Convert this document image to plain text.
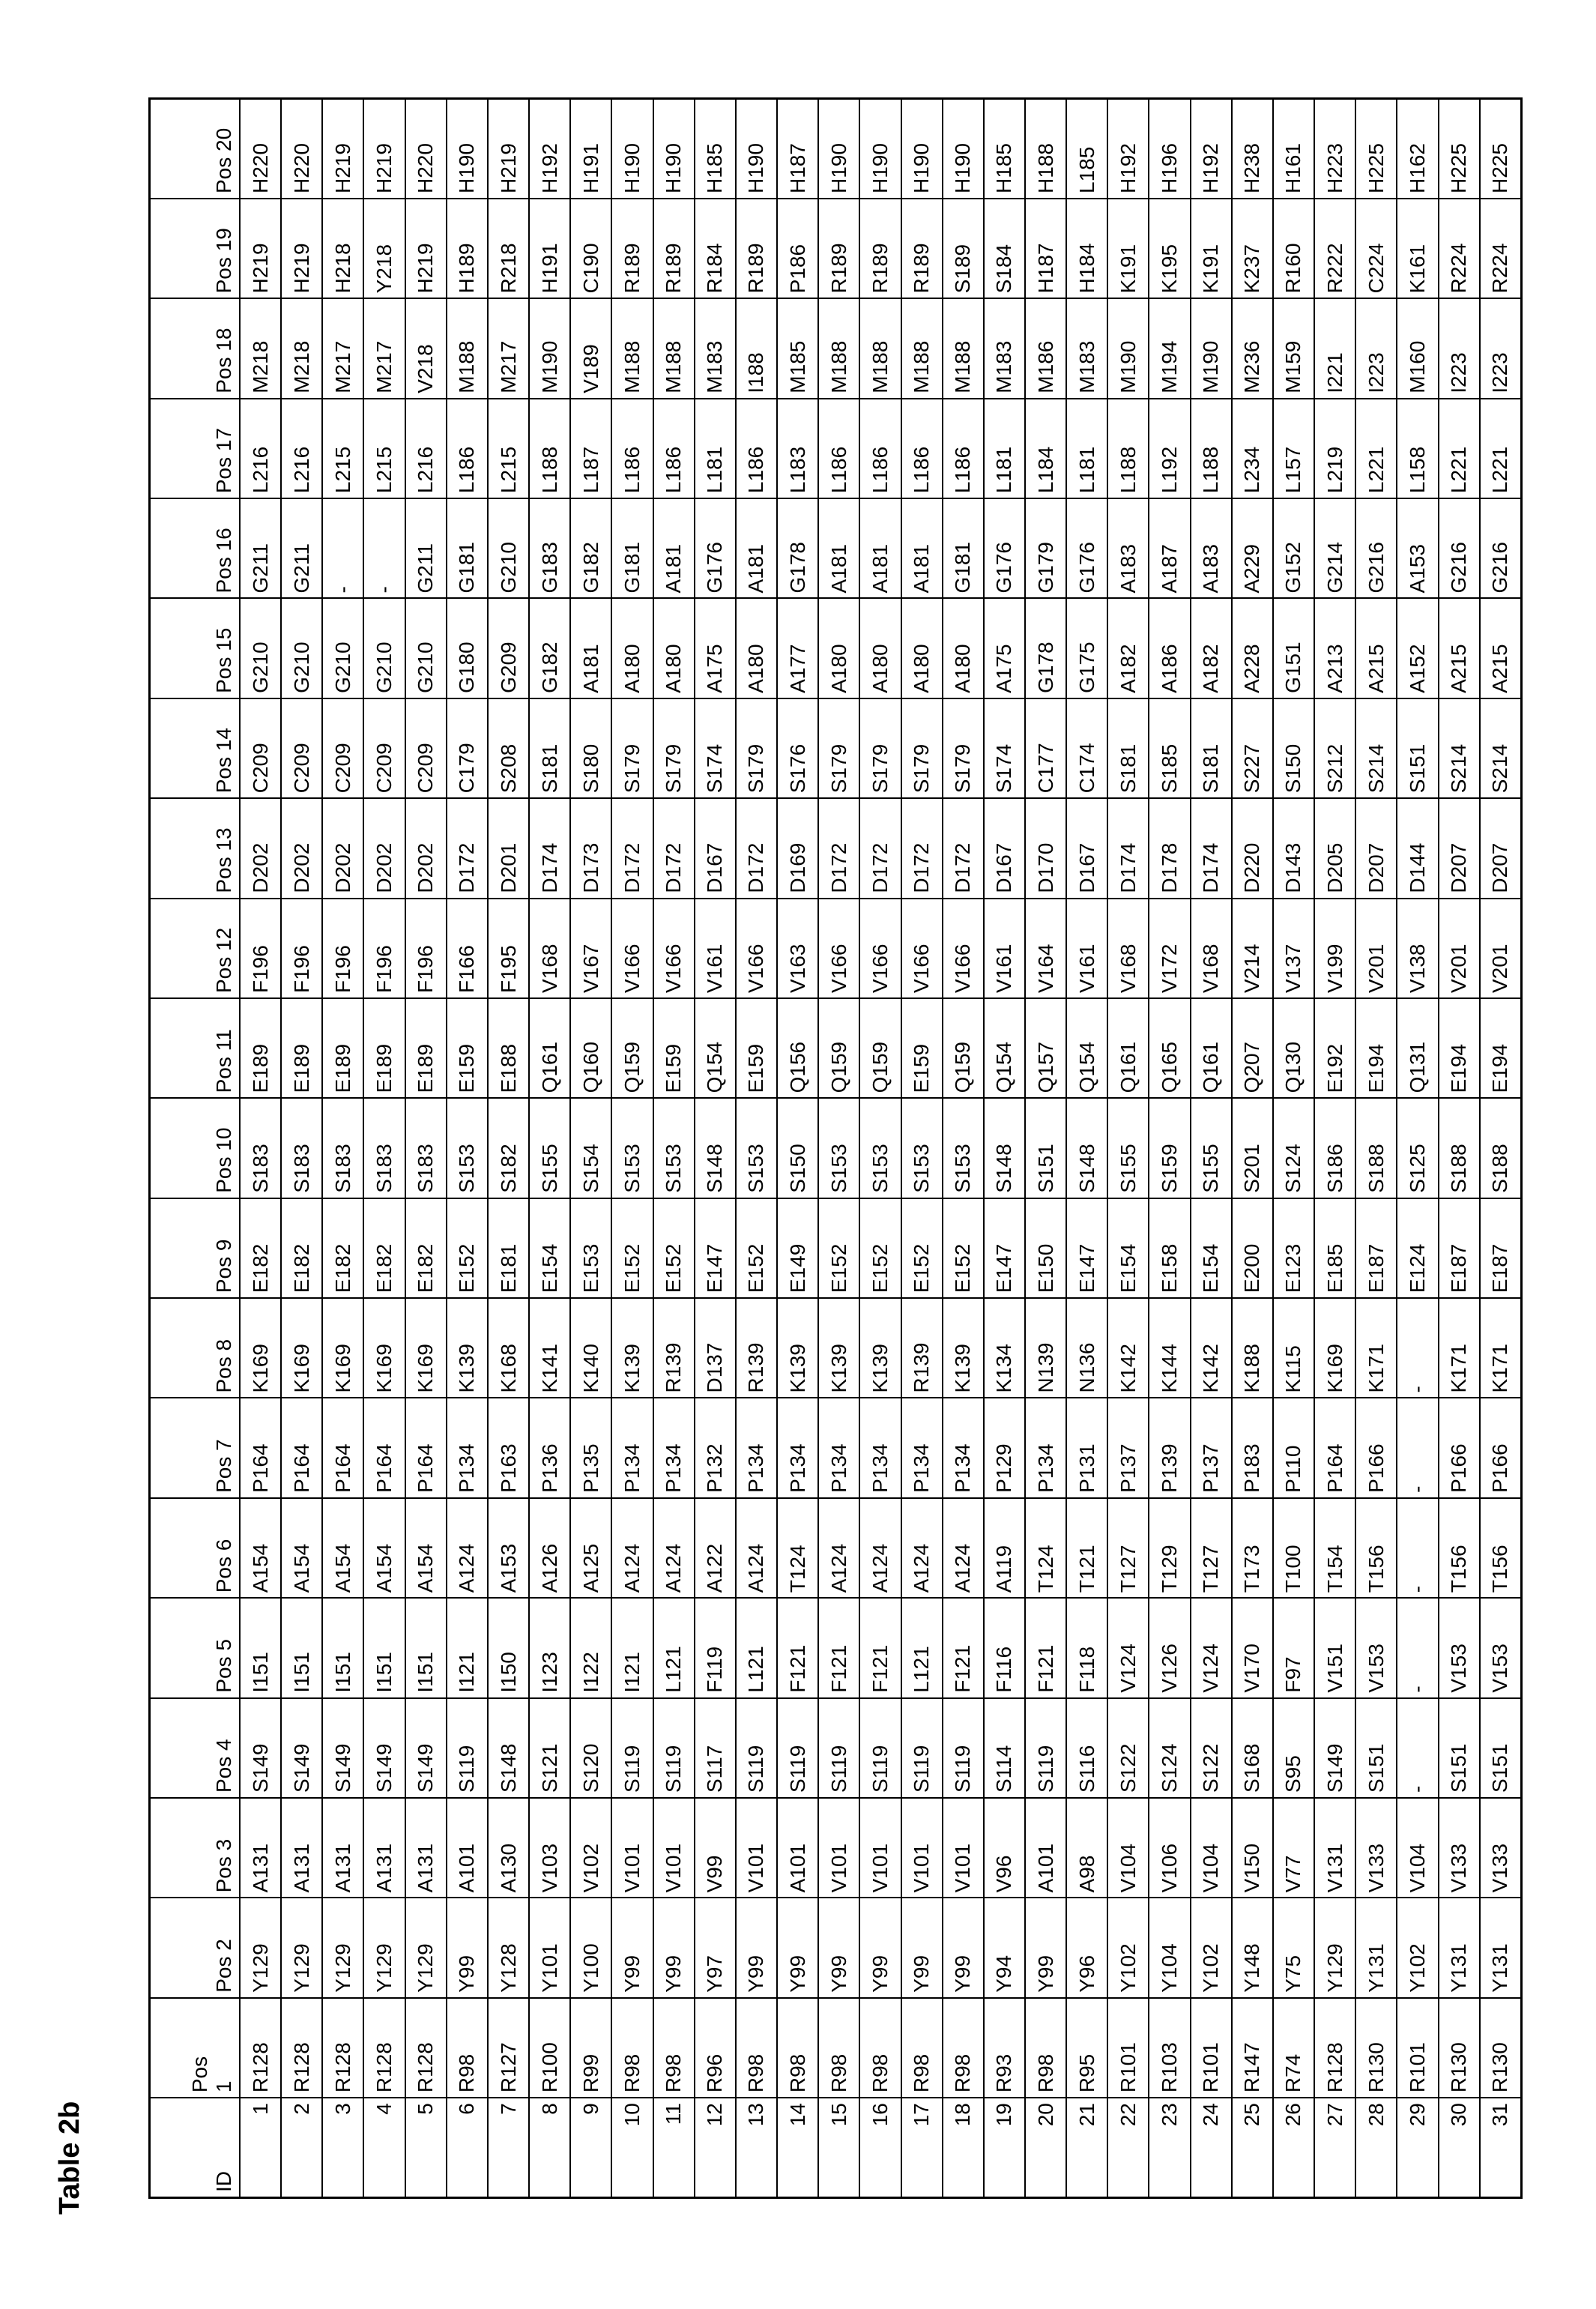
Table 2b	ID	Pos 1	Pos 2	Pos 3	Pos 4	Pos 5	Pos 6	Pos 7	Pos 8	Pos 9	Pos 10	Pos 11	Pos 12	Pos 13	Pos 14	Pos 15	Pos 16	Pos 17	Pos 18	Pos 19	Pos 20
1	R128	Y129	A131	S149	I151	A154	P164	K169	E182	S183	E189	F196	D202	C209	G210	G211	L216	M218	H219	H220
2	R128	Y129	A131	S149	I151	A154	P164	K169	E182	S183	E189	F196	D202	C209	G210	G211	L216	M218	H219	H220
3	R128	Y129	A131	S149	I151	A154	P164	K169	E182	S183	E189	F196	D202	C209	G210	-	L215	M217	H218	H219
4	R128	Y129	A131	S149	I151	A154	P164	K169	E182	S183	E189	F196	D202	C209	G210	-	L215	M217	Y218	H219
5	R128	Y129	A131	S149	I151	A154	P164	K169	E182	S183	E189	F196	D202	C209	G210	G211	L216	V218	H219	H220
6	R98	Y99	A101	S119	I121	A124	P134	K139	E152	S153	E159	F166	D172	C179	G180	G181	L186	M188	H189	H190
7	R127	Y128	A130	S148	I150	A153	P163	K168	E181	S182	E188	F195	D201	S208	G209	G210	L215	M217	R218	H219
8	R100	Y101	V103	S121	I123	A126	P136	K141	E154	S155	Q161	V168	D174	S181	G182	G183	L188	M190	H191	H192
9	R99	Y100	V102	S120	I122	A125	P135	K140	E153	S154	Q160	V167	D173	S180	A181	G182	L187	V189	C190	H191
10	R98	Y99	V101	S119	I121	A124	P134	K139	E152	S153	Q159	V166	D172	S179	A180	G181	L186	M188	R189	H190
11	R98	Y99	V101	S119	L121	A124	P134	R139	E152	S153	E159	V166	D172	S179	A180	A181	L186	M188	R189	H190
12	R96	Y97	V99	S117	F119	A122	P132	D137	E147	S148	Q154	V161	D167	S174	A175	G176	L181	M183	R184	H185
13	R98	Y99	V101	S119	L121	A124	P134	R139	E152	S153	E159	V166	D172	S179	A180	A181	L186	I188	R189	H190
14	R98	Y99	A101	S119	F121	T124	P134	K139	E149	S150	Q156	V163	D169	S176	A177	G178	L183	M185	P186	H187
15	R98	Y99	V101	S119	F121	A124	P134	K139	E152	S153	Q159	V166	D172	S179	A180	A181	L186	M188	R189	H190
16	R98	Y99	V101	S119	F121	A124	P134	K139	E152	S153	Q159	V166	D172	S179	A180	A181	L186	M188	R189	H190
17	R98	Y99	V101	S119	L121	A124	P134	R139	E152	S153	E159	V166	D172	S179	A180	A181	L186	M188	R189	H190
18	R98	Y99	V101	S119	F121	A124	P134	K139	E152	S153	Q159	V166	D172	S179	A180	G181	L186	M188	S189	H190
19	R93	Y94	V96	S114	F116	A119	P129	K134	E147	S148	Q154	V161	D167	S174	A175	G176	L181	M183	S184	H185
20	R98	Y99	A101	S119	F121	T124	P134	N139	E150	S151	Q157	V164	D170	C177	G178	G179	L184	M186	H187	H188
21	R95	Y96	A98	S116	F118	T121	P131	N136	E147	S148	Q154	V161	D167	C174	G175	G176	L181	M183	H184	L185
22	R101	Y102	V104	S122	V124	T127	P137	K142	E154	S155	Q161	V168	D174	S181	A182	A183	L188	M190	K191	H192
23	R103	Y104	V106	S124	V126	T129	P139	K144	E158	S159	Q165	V172	D178	S185	A186	A187	L192	M194	K195	H196
24	R101	Y102	V104	S122	V124	T127	P137	K142	E154	S155	Q161	V168	D174	S181	A182	A183	L188	M190	K191	H192
25	R147	Y148	V150	S168	V170	T173	P183	K188	E200	S201	Q207	V214	D220	S227	A228	A229	L234	M236	K237	H238
26	R74	Y75	V77	S95	F97	T100	P110	K115	E123	S124	Q130	V137	D143	S150	G151	G152	L157	M159	R160	H161
27	R128	Y129	V131	S149	V151	T154	P164	K169	E185	S186	E192	V199	D205	S212	A213	G214	L219	I221	R222	H223
28	R130	Y131	V133	S151	V153	T156	P166	K171	E187	S188	E194	V201	D207	S214	A215	G216	L221	I223	C224	H225
29	R101	Y102	V104	-	-	-	-	-	E124	S125	Q131	V138	D144	S151	A152	A153	L158	M160	K161	H162
30	R130	Y131	V133	S151	V153	T156	P166	K171	E187	S188	E194	V201	D207	S214	A215	G216	L221	I223	R224	H225
31	R130	Y131	V133	S151	V153	T156	P166	K171	E187	S188	E194	V201	D207	S214	A215	G216	L221	I223	R224	H225
